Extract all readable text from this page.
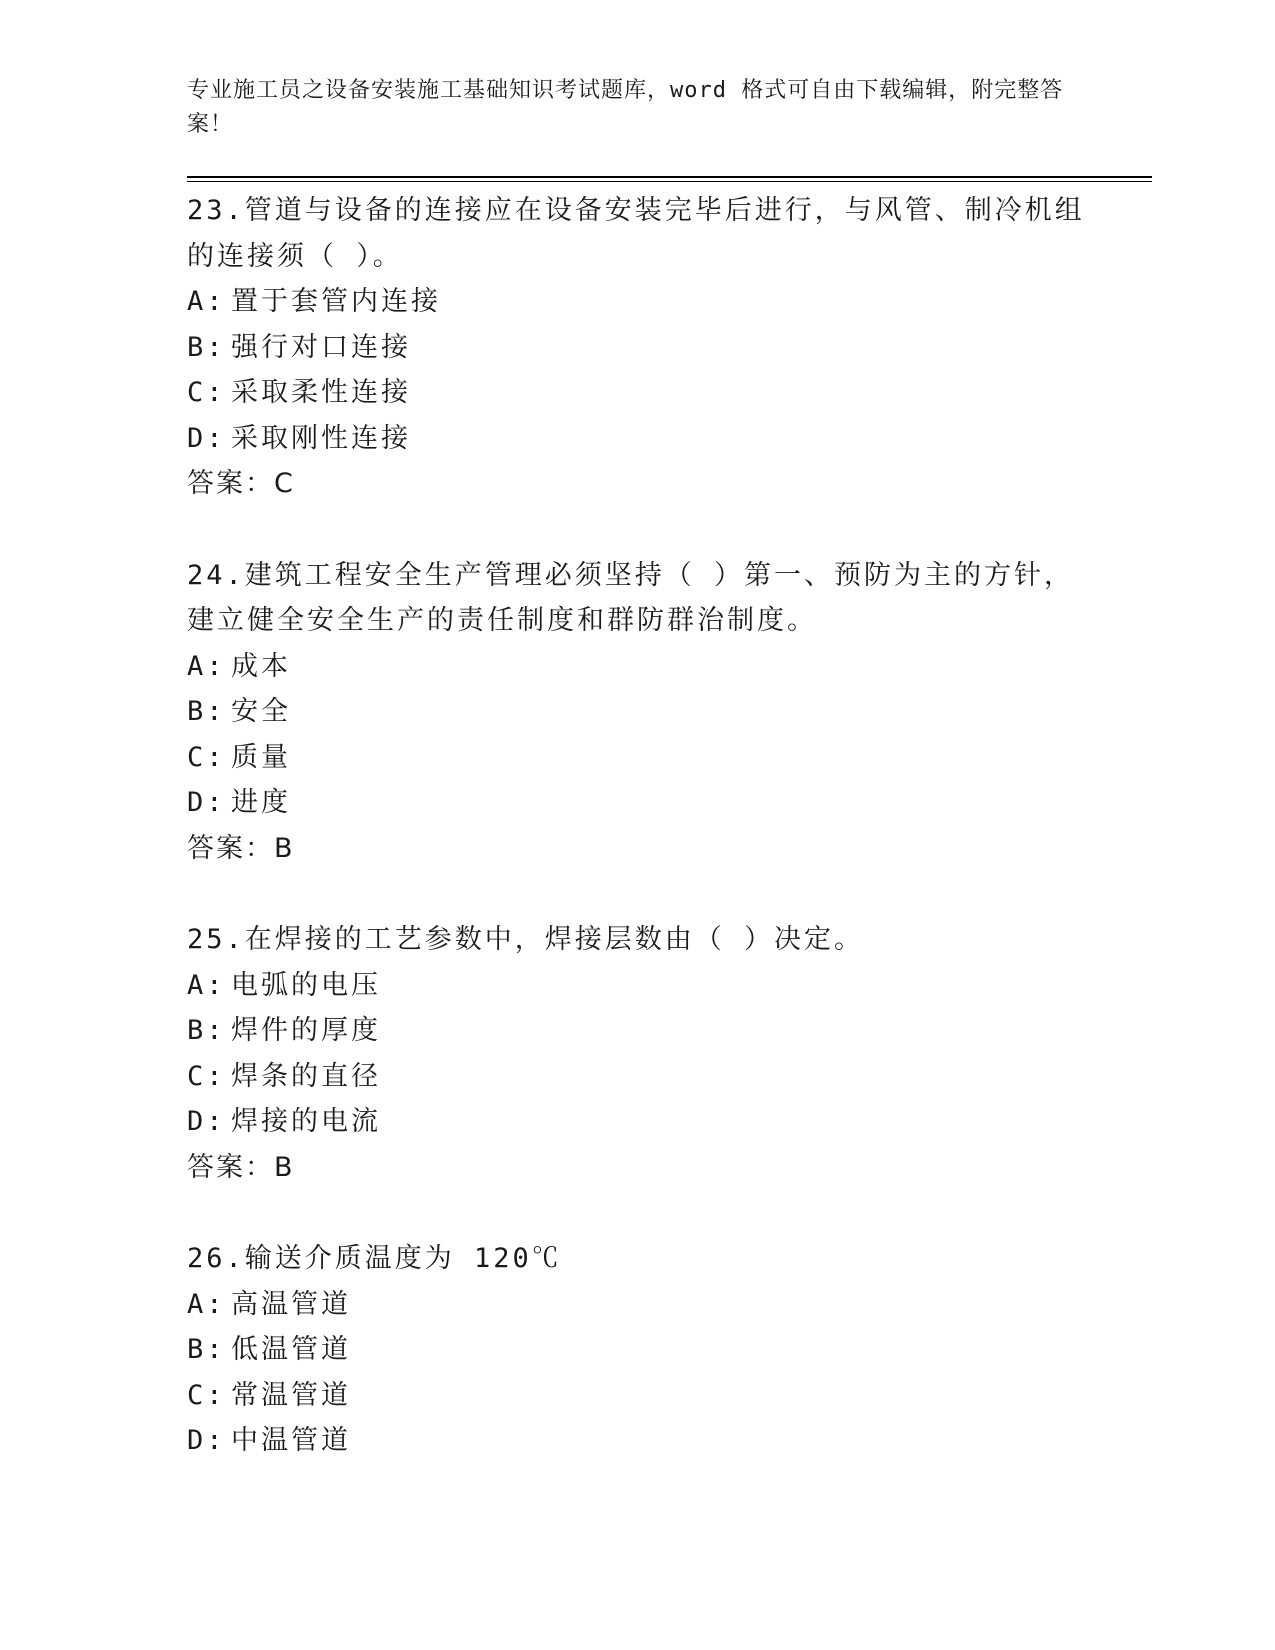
专业施工员之设备安装施工基础知识考试题库，word 格式可自由下载编辑，附完整答案！

23.管道与设备的连接应在设备安装完毕后进行，与风管、制冷机组的连接须（ ）。

A: 置于套管内连接

B: 强行对口连接

C: 采取柔性连接

D: 采取刚性连接

答案：C

24.建筑工程安全生产管理必须坚持（ ）第一、预防为主的方针，建立健全安全生产的责任制度和群防群治制度。

A: 成本

B: 安全

C: 质量

D: 进度

答案：B

25.在焊接的工艺参数中，焊接层数由（ ）决定。

A: 电弧的电压

B: 焊件的厚度

C: 焊条的直径

D: 焊接的电流

答案：B

26.输送介质温度为 120℃

A: 高温管道

B: 低温管道

C: 常温管道

D: 中温管道
